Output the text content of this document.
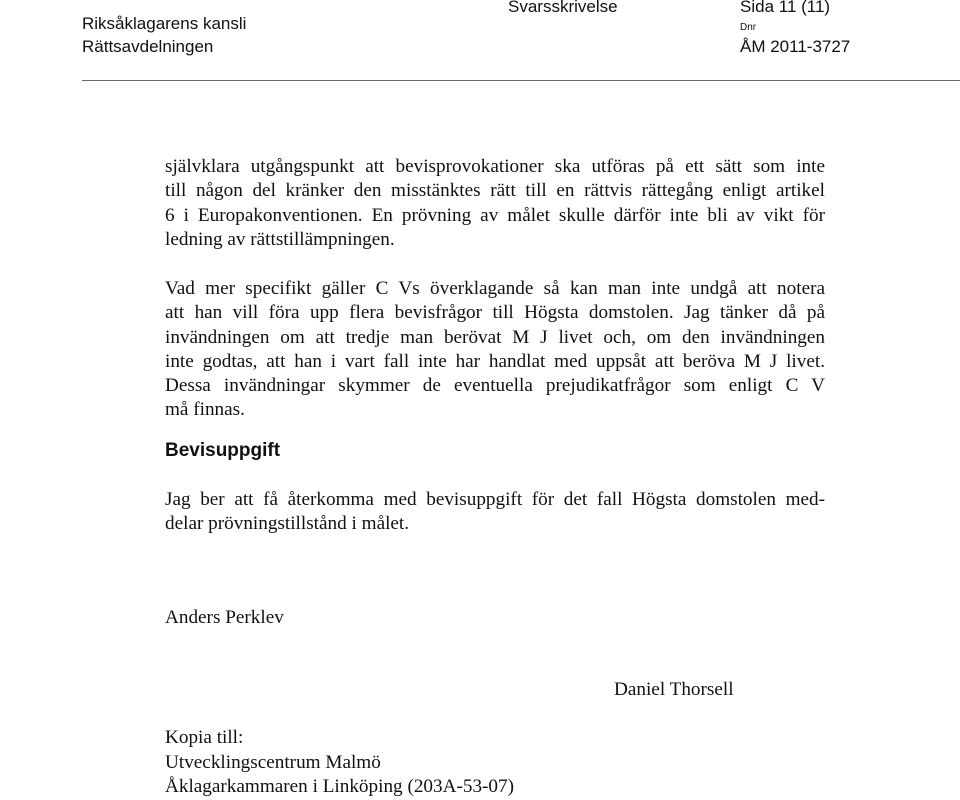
Riksåklagarens kansli
Rättsavdelningen
Svarsskrivelse	Sida 11 (11)
Dnr
ÅM 2011-3727
självklara utgångspunkt att bevisprovokationer ska utföras på ett sätt som inte
till någon del kränker den misstänktes rätt till en rättvis rättegång enligt artikel
6 i Europakonventionen. En prövning av målet skulle därför inte bli av vikt för
ledning av rättstillämpningen.
Vad mer specifikt gäller C Vs överklagande så kan man inte undgå att notera
att han vill föra upp flera bevisfrågor till Högsta domstolen. Jag tänker då på
invändningen om att tredje man berövat M J livet och, om den invändningen
inte godtas, att han i vart fall inte har handlat med uppsåt att beröva M J livet.
Dessa invändningar skymmer de eventuella prejudikatfrågor som enligt C V
må finnas.
Bevisuppgift
Jag ber att få återkomma med bevisuppgift för det fall Högsta domstolen med-
delar prövningstillstånd i målet.
Anders Perklev
Daniel Thorsell
Kopia till:
Utvecklingscentrum Malmö
Åklagarkammaren i Linköping (203A-53-07)
